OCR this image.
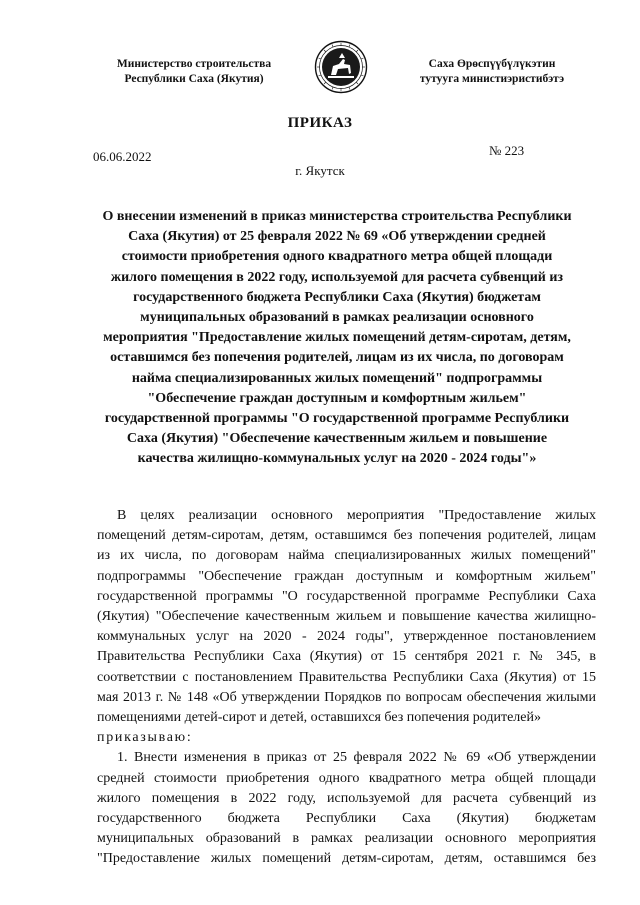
Министерство строительства
Республики Саха (Якутия)
Саха Өрөспүүбүлүкэтин
тутууга министиэристибэтэ
ПРИКАЗ
06.06.2022	№ 223
г. Якутск
О внесении изменений в приказ министерства строительства Республики
Саха (Якутия) от 25 февраля 2022 № 69 «Об утверждении средней
стоимости приобретения одного квадратного метра общей площади
жилого помещения в 2022 году, используемой для расчета субвенций из
государственного бюджета Республики Саха (Якутия) бюджетам
муниципальных образований в рамках реализации основного
мероприятия "Предоставление жилых помещений детям-сиротам, детям,
оставшимся без попечения родителей, лицам из их числа, по договорам
найма специализированных жилых помещений" подпрограммы
"Обеспечение граждан доступным и комфортным жильем"
государственной программы "О государственной программе Республики
Саха (Якутия) "Обеспечение качественным жильем и повышение
качества жилищно-коммунальных услуг на 2020 - 2024 годы"»
В целях реализации основного мероприятия "Предоставление жилых
помещений детям-сиротам, детям, оставшимся без попечения родителей, лицам
из их числа, по договорам найма специализированных жилых помещений"
подпрограммы "Обеспечение граждан доступным и комфортным жильем"
государственной программы "О государственной программе Республики Саха
(Якутия) "Обеспечение качественным жильем и повышение качества жилищно-
коммунальных услуг на 2020 - 2024 годы", утвержденное постановлением
Правительства Республики Саха (Якутия) от 15 сентября 2021 г. № 345, в
соответствии с постановлением Правительства Республики Саха (Якутия) от 15
мая 2013 г. № 148 «Об утверждении Порядков по вопросам обеспечения жилыми
помещениями детей-сирот и детей, оставшихся без попечения родителей»
приказываю:
1. Внести изменения в приказ от 25 февраля 2022 № 69 «Об утверждении
средней стоимости приобретения одного квадратного метра общей площади
жилого помещения в 2022 году, используемой для расчета субвенций из
государственного бюджета Республики Саха (Якутия) бюджетам
муниципальных образований в рамках реализации основного мероприятия
"Предоставление жилых помещений детям-сиротам, детям, оставшимся без
